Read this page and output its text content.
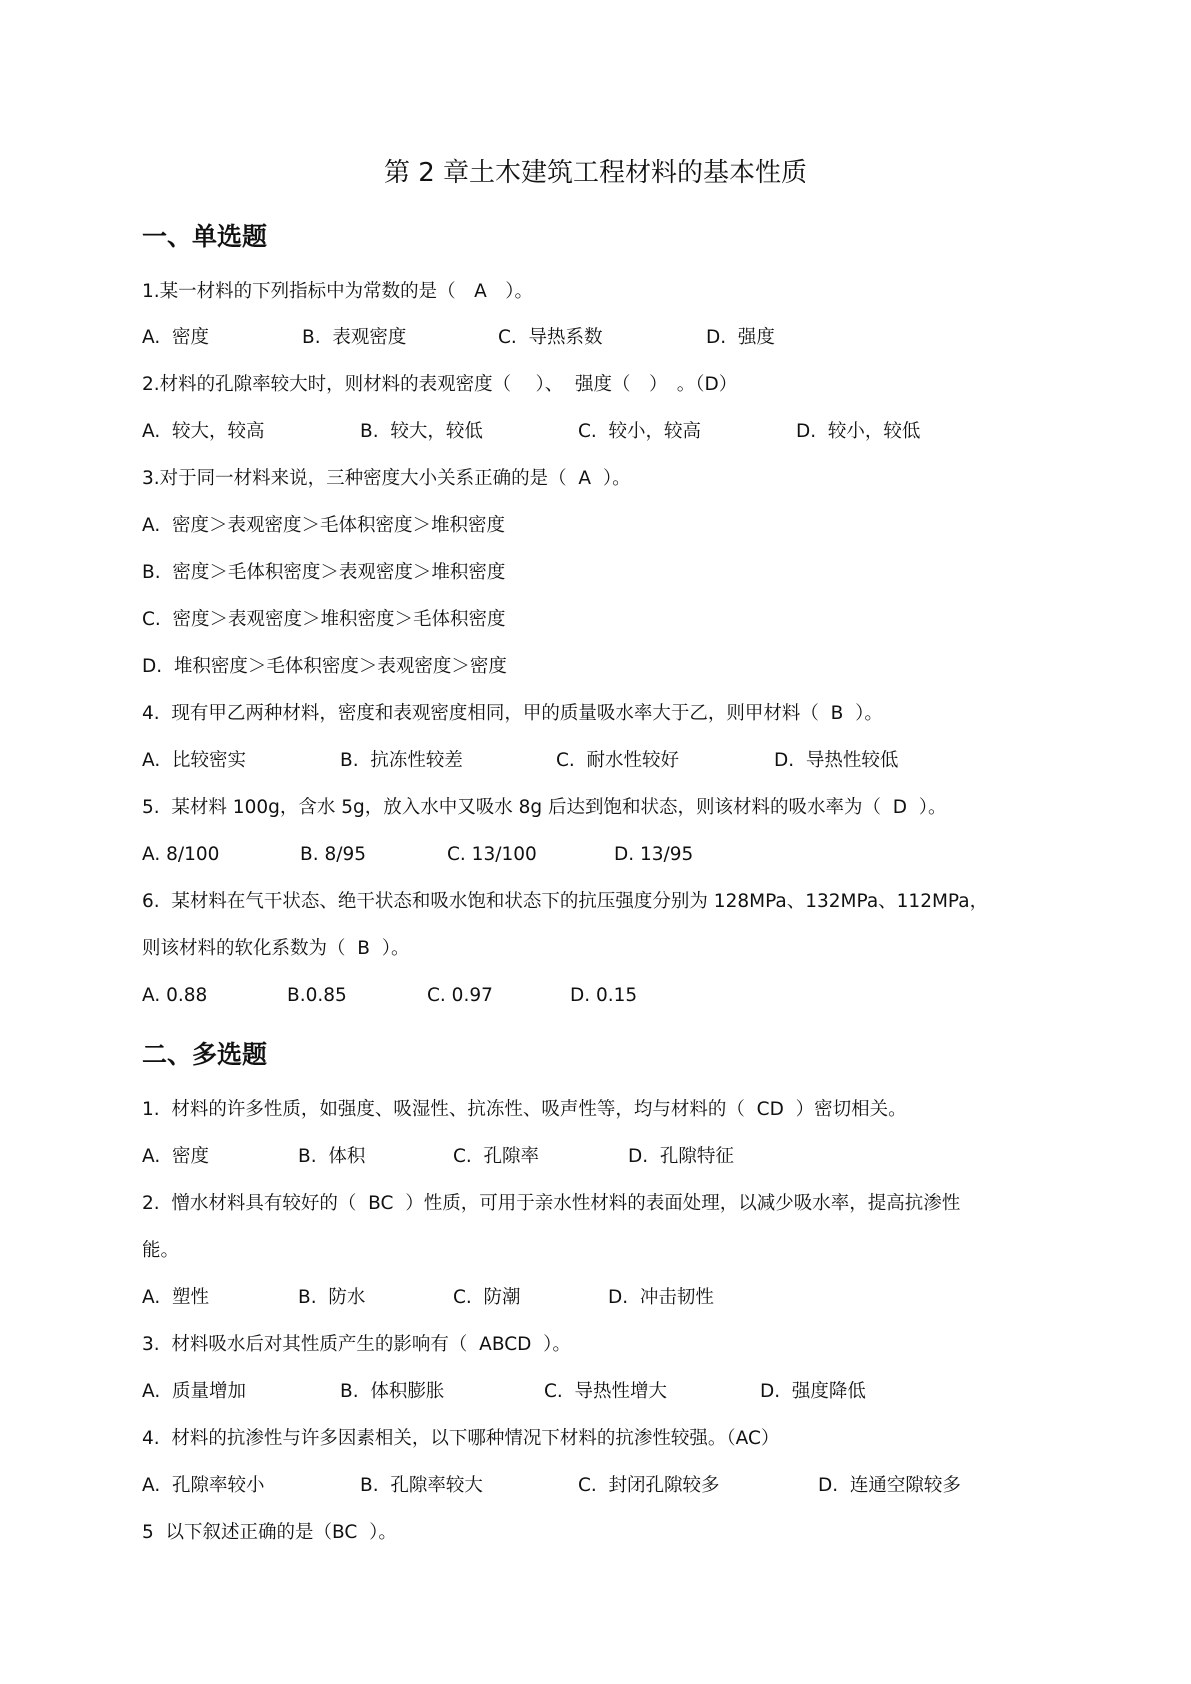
第 2 章土木建筑工程材料的基本性质
一、单选题
1.某一材料的下列指标中为常数的是（　A　）。
A.  密度	B.  表观密度	C.  导热系数	D.  强度
2.材料的孔隙率较大时，则材料的表观密度（　 ）、  强度（　）　。（D）
A.  较大，较高	B.  较大，较低	C.  较小，较高	D.  较小，较低
3.对于同一材料来说，三种密度大小关系正确的是（  A  ）。
A.  密度＞表观密度＞毛体积密度＞堆积密度
B.  密度＞毛体积密度＞表观密度＞堆积密度
C.  密度＞表观密度＞堆积密度＞毛体积密度
D.  堆积密度＞毛体积密度＞表观密度＞密度
4.  现有甲乙两种材料，密度和表观密度相同，甲的质量吸水率大于乙，则甲材料（  B  ）。
A.  比较密实	B.  抗冻性较差	C.  耐水性较好	D.  导热性较低
5.  某材料 100g，含水 5g，放入水中又吸水 8g 后达到饱和状态，则该材料的吸水率为（  D  ）。
A. 8/100	B. 8/95	C. 13/100	D. 13/95
6.  某材料在气干状态、绝干状态和吸水饱和状态下的抗压强度分别为 128MPa、132MPa、112MPa，
则该材料的软化系数为（  B  ）。
A. 0.88	B.0.85	C. 0.97	D. 0.15
二、多选题
1.  材料的许多性质，如强度、吸湿性、抗冻性、吸声性等，均与材料的（  CD  ）密切相关。
A.  密度	B.  体积	C.  孔隙率	D.  孔隙特征
2.  憎水材料具有较好的（  BC  ）性质，可用于亲水性材料的表面处理，以减少吸水率，提高抗渗性
能。
A.  塑性	B.  防水	C.  防潮	D.  冲击韧性
3.  材料吸水后对其性质产生的影响有（  ABCD  ）。
A.  质量增加	B.  体积膨胀	C.  导热性增大	D.  强度降低
4.  材料的抗渗性与许多因素相关，以下哪种情况下材料的抗渗性较强。（AC）
A.  孔隙率较小	B.  孔隙率较大	C.  封闭孔隙较多	D.  连通空隙较多
5  以下叙述正确的是（BC  ）。
